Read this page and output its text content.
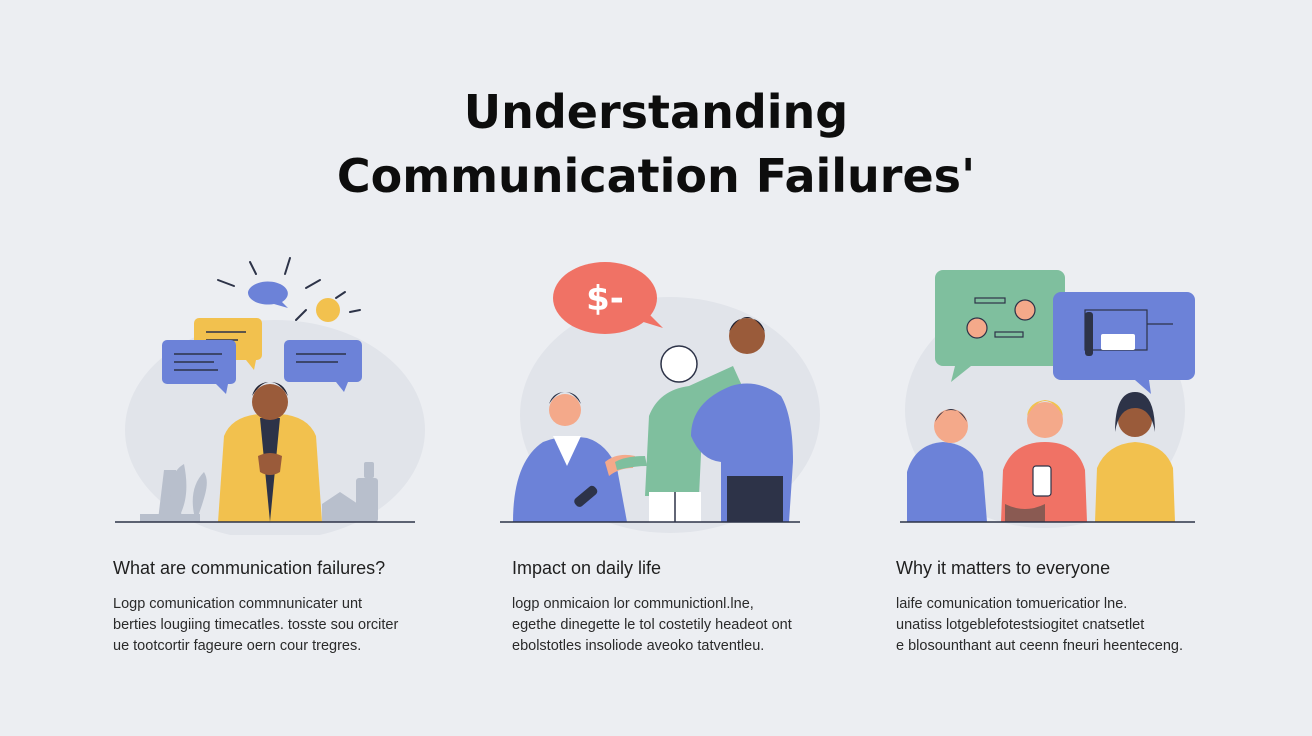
Understanding
Communication Failures'
$-
What are communication failures?
Logp comunication commnunicater unt
berties lougiing timecatles. tosste sou orciter
ue tootcortir fageure oern cour tregres.
Impact on daily life
logp onmicaion lor communictionl.lne,
egethe dinegette le tol costetily headeot ont
ebolstotles insoliode aveoko tatventleu.
Why it matters to everyone
laife comunication tomuericatior lne.
unatiss lotgeblefotestsiogitet cnatsetlet
e blosounthant aut ceenn fneuri heenteceng.
